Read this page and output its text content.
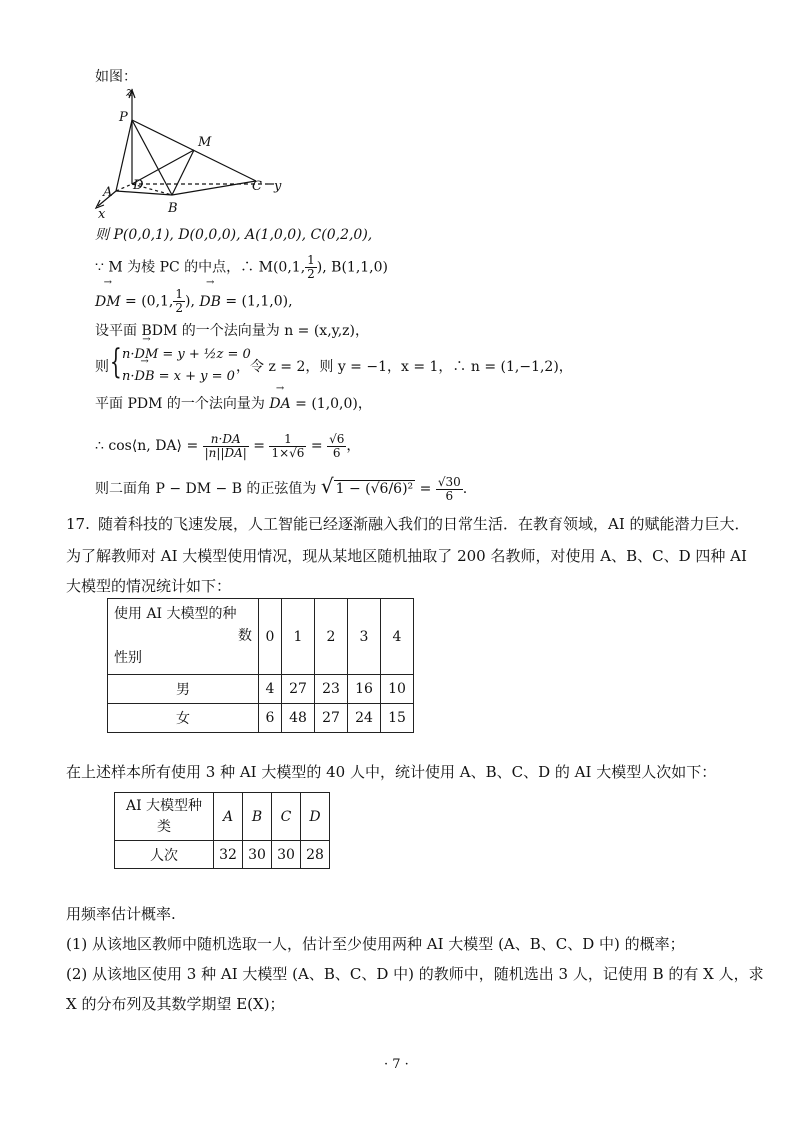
如图：
z
P
M
A D
B
C y
x
则 P(0,0,1), D(0,0,0), A(1,0,0), C(0,2,0),
∵ M 为棱 PC 的中点，∴ M(0,1, $\frac{1}{2}$ ), B(1,1,0)
→ DM = (0,1, $\frac{1}{2}$ ), → DB = (1,1,0),
设平面 BDM 的一个法向量为 n = (x,y,z)，
则 { n·→ DM = y + ½z = 0
n·→ DB = x + y = 0
，令 z = 2，则 y = −1，x = 1，∴ n = (1,−1,2)，
平面 PDM 的一个法向量为 → DA = (1,0,0)，
∴ cos⟨n, DA⟩ = $\frac{n\cdot DA}{|n||DA|} = \frac{1}{1\times√6} = \frac{√6}{6}$ ，
则二面角 P − DM − B 的正弦值为 √ $1 - (√6/6)^2 = \frac{√30}{6}$ .
17. 随着科技的飞速发展，人工智能已经逐渐融入我们的日常生活．在教育领域，AI 的赋能潜力巨大．
为了解教师对 AI 大模型使用情况，现从某地区随机抽取了 200 名教师，对使用 A、B、C、D 四种 AI
大模型的情况统计如下：
使用 AI 大模型的种
数
性别	0	1	2	3	4
男	4	27	23	16	10
女	6	48	27	24	15
在上述样本所有使用 3 种 AI 大模型的 40 人中，统计使用 A、B、C、D 的 AI 大模型人次如下：
AI 大模型种
类	A	B	C	D
人次	32	30	30	28
用频率估计概率.
(1) 从该地区教师中随机选取一人，估计至少使用两种 AI 大模型 (A、B、C、D 中) 的概率；
(2) 从该地区使用 3 种 AI 大模型 (A、B、C、D 中) 的教师中，随机选出 3 人，记使用 B 的有 X 人，求
X 的分布列及其数学期望 E(X)；
· 7 ·
